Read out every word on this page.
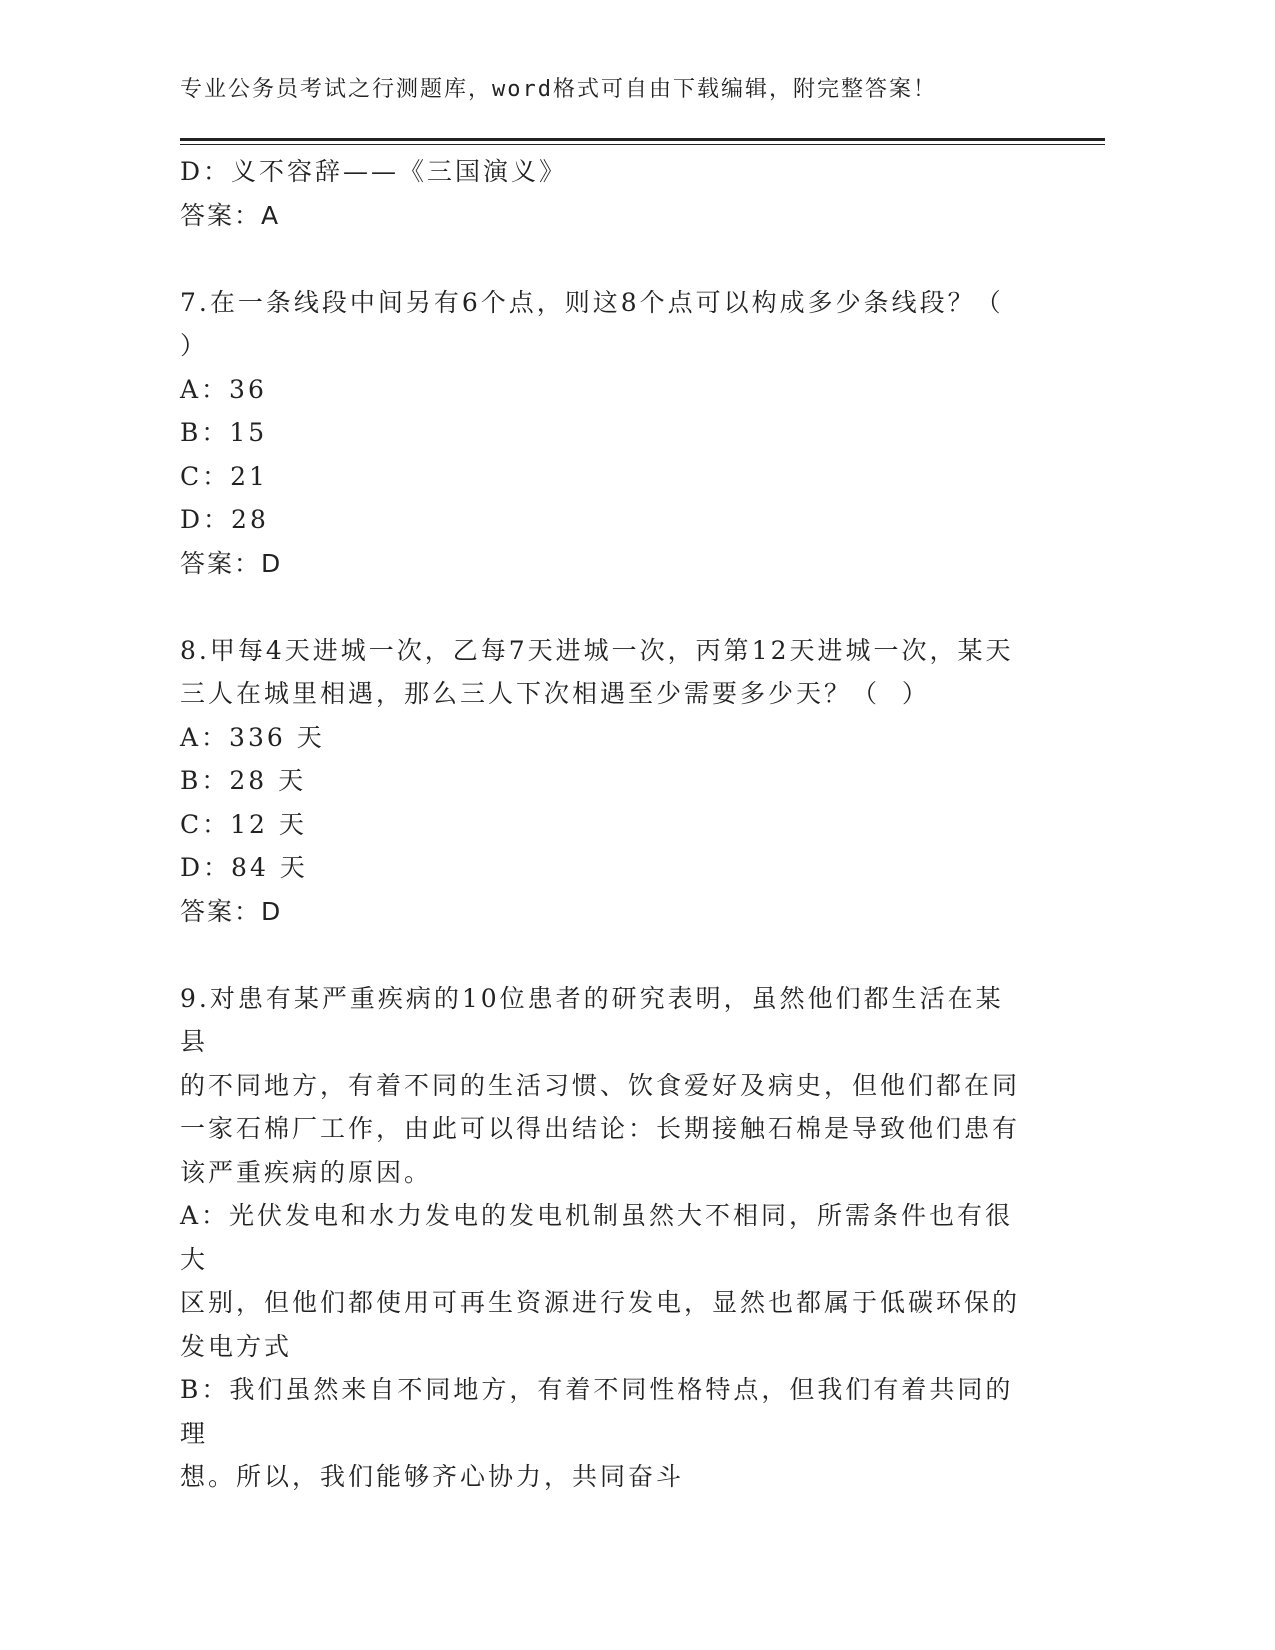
专业公务员考试之行测题库，word格式可自由下载编辑，附完整答案！

D：义不容辞——《三国演义》

答案：A

7.在一条线段中间另有6个点，则这8个点可以构成多少条线段？（

）

A：36

B：15

C：21

D：28

答案：D

8.甲每4天进城一次，乙每7天进城一次，丙第12天进城一次，某天

三人在城里相遇，那么三人下次相遇至少需要多少天？（  ）

A：336 天

B：28 天

C：12 天

D：84 天

答案：D

9.对患有某严重疾病的10位患者的研究表明，虽然他们都生活在某县

的不同地方，有着不同的生活习惯、饮食爱好及病史，但他们都在同

一家石棉厂工作，由此可以得出结论：长期接触石棉是导致他们患有

该严重疾病的原因。

A：光伏发电和水力发电的发电机制虽然大不相同，所需条件也有很大

区别，但他们都使用可再生资源进行发电，显然也都属于低碳环保的

发电方式

B：我们虽然来自不同地方，有着不同性格特点，但我们有着共同的理

想。所以，我们能够齐心协力，共同奋斗
